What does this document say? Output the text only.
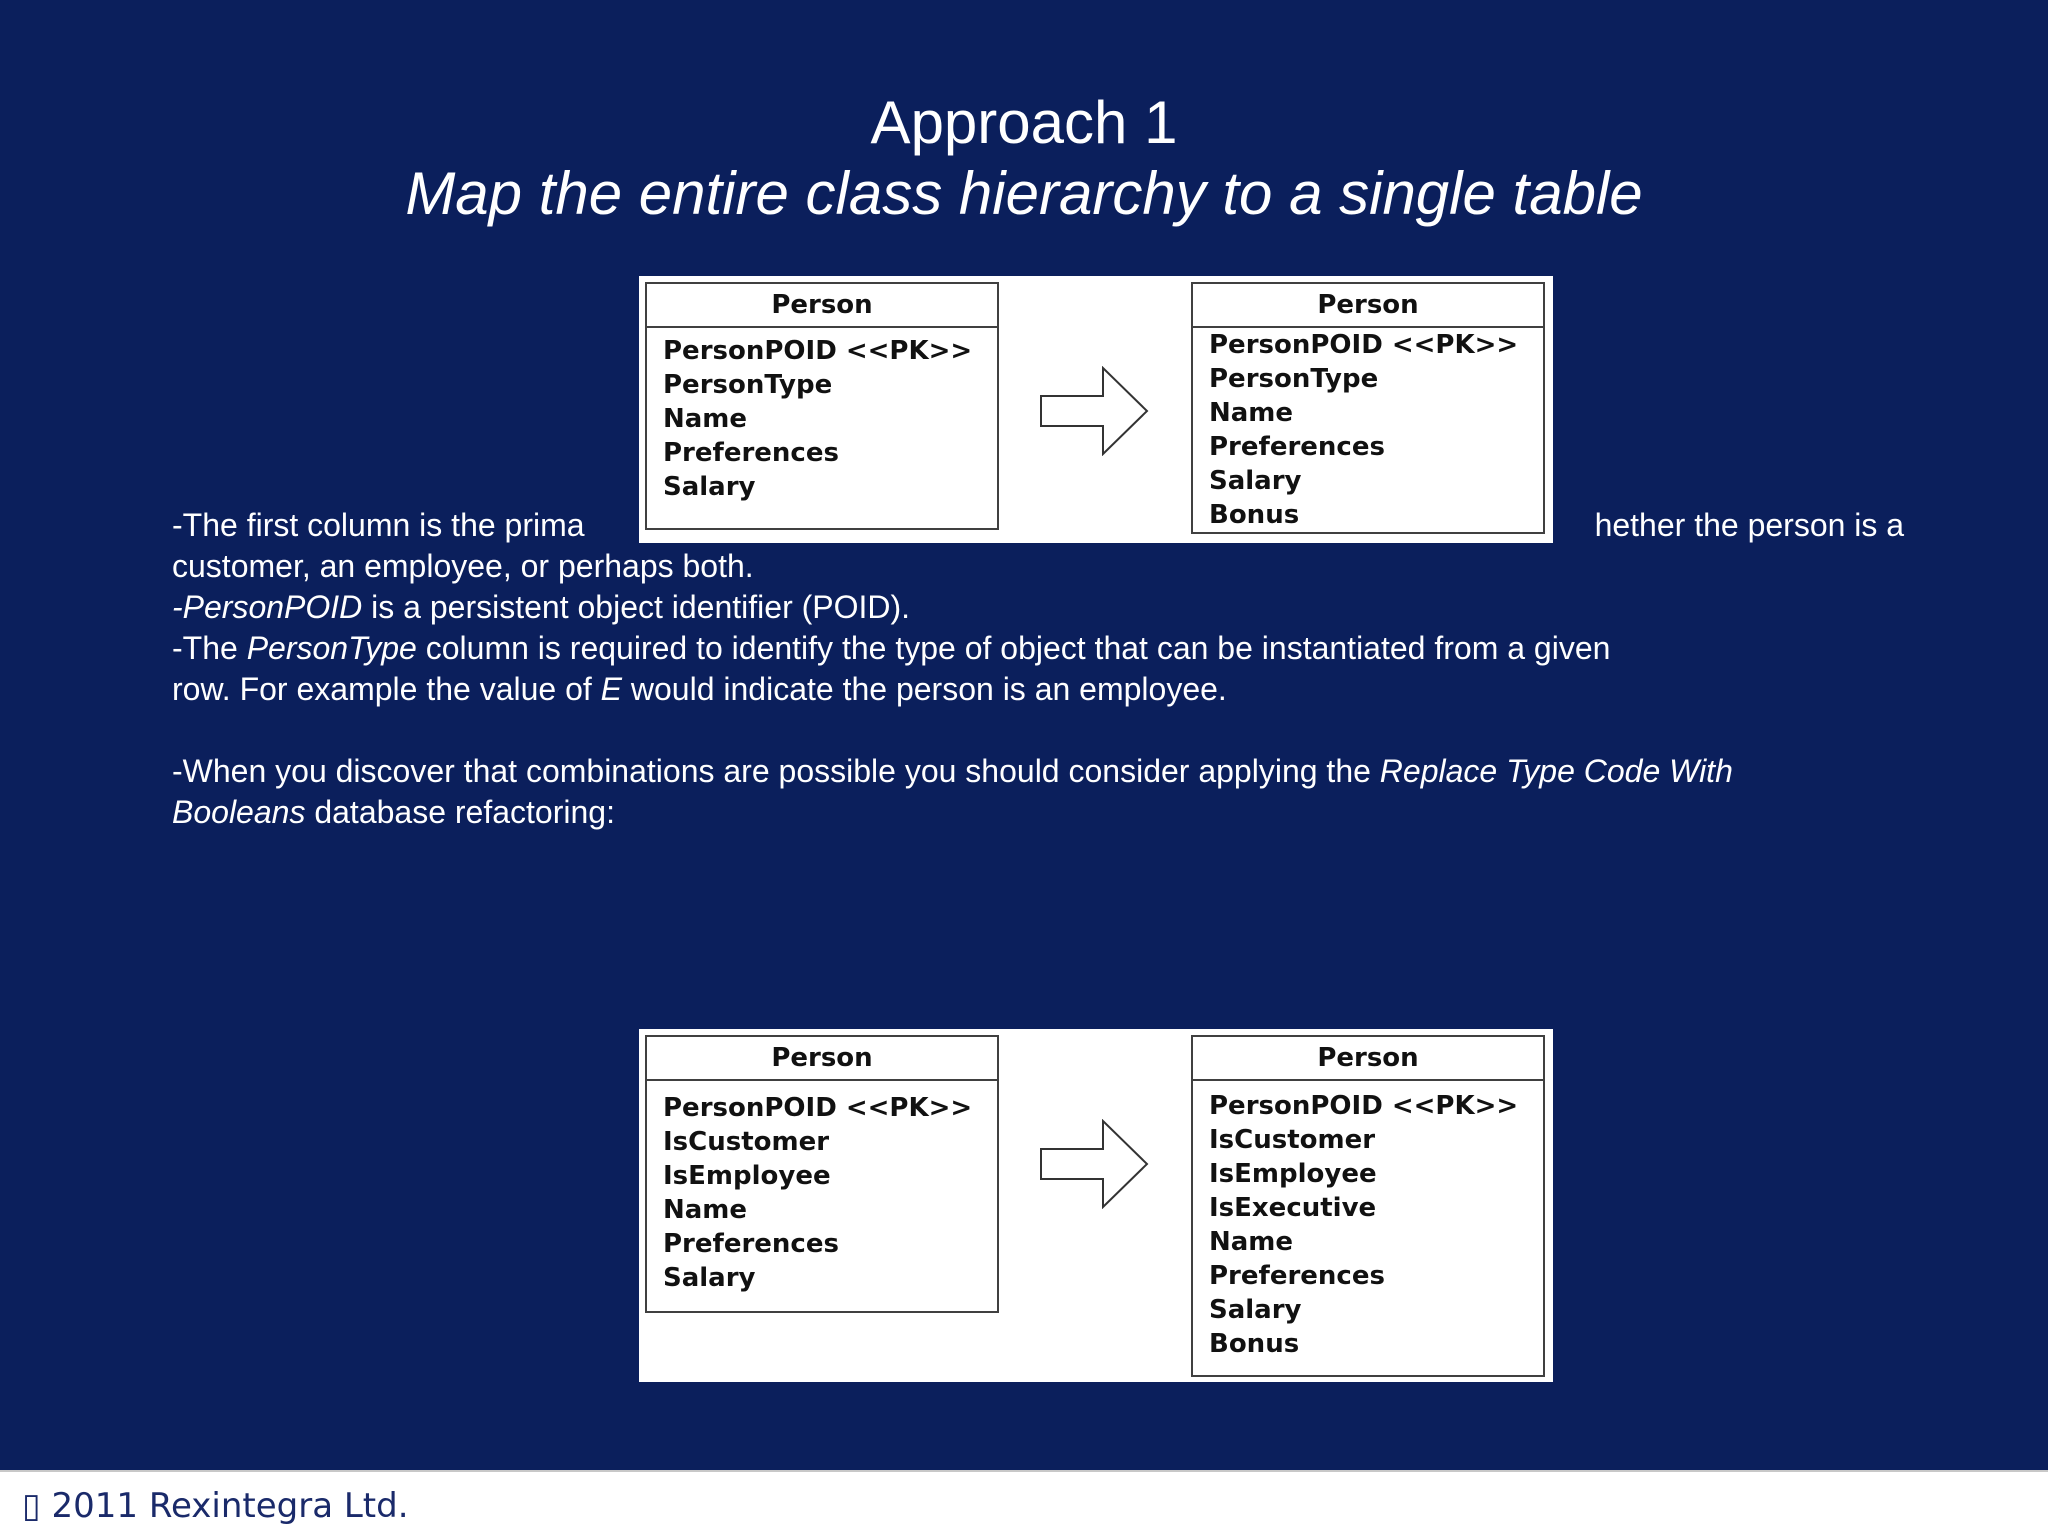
Approach 1
Map the entire class hierarchy to a single table

-The first column is the prima	hether the person is a
customer, an employee, or perhaps both.

-PersonPOID is a persistent object identifier (POID).

-The PersonType column is required to identify the type of object that can be instantiated from a given
row. For example the value of E would indicate the person is an employee.

-When you discover that combinations are possible you should consider applying the Replace Type Code With
Booleans database refactoring:

Person
PersonPOID <<PK>>
PersonType
Name
Preferences
Salary
Person
PersonPOID <<PK>>
PersonType
Name
Preferences
Salary
Bonus
Person
PersonPOID <<PK>>
IsCustomer
IsEmployee
Name
Preferences
Salary
Person
PersonPOID <<PK>>
IsCustomer
IsEmployee
IsExecutive
Name
Preferences
Salary
Bonus
▯ 2011 Rexintegra Ltd.
